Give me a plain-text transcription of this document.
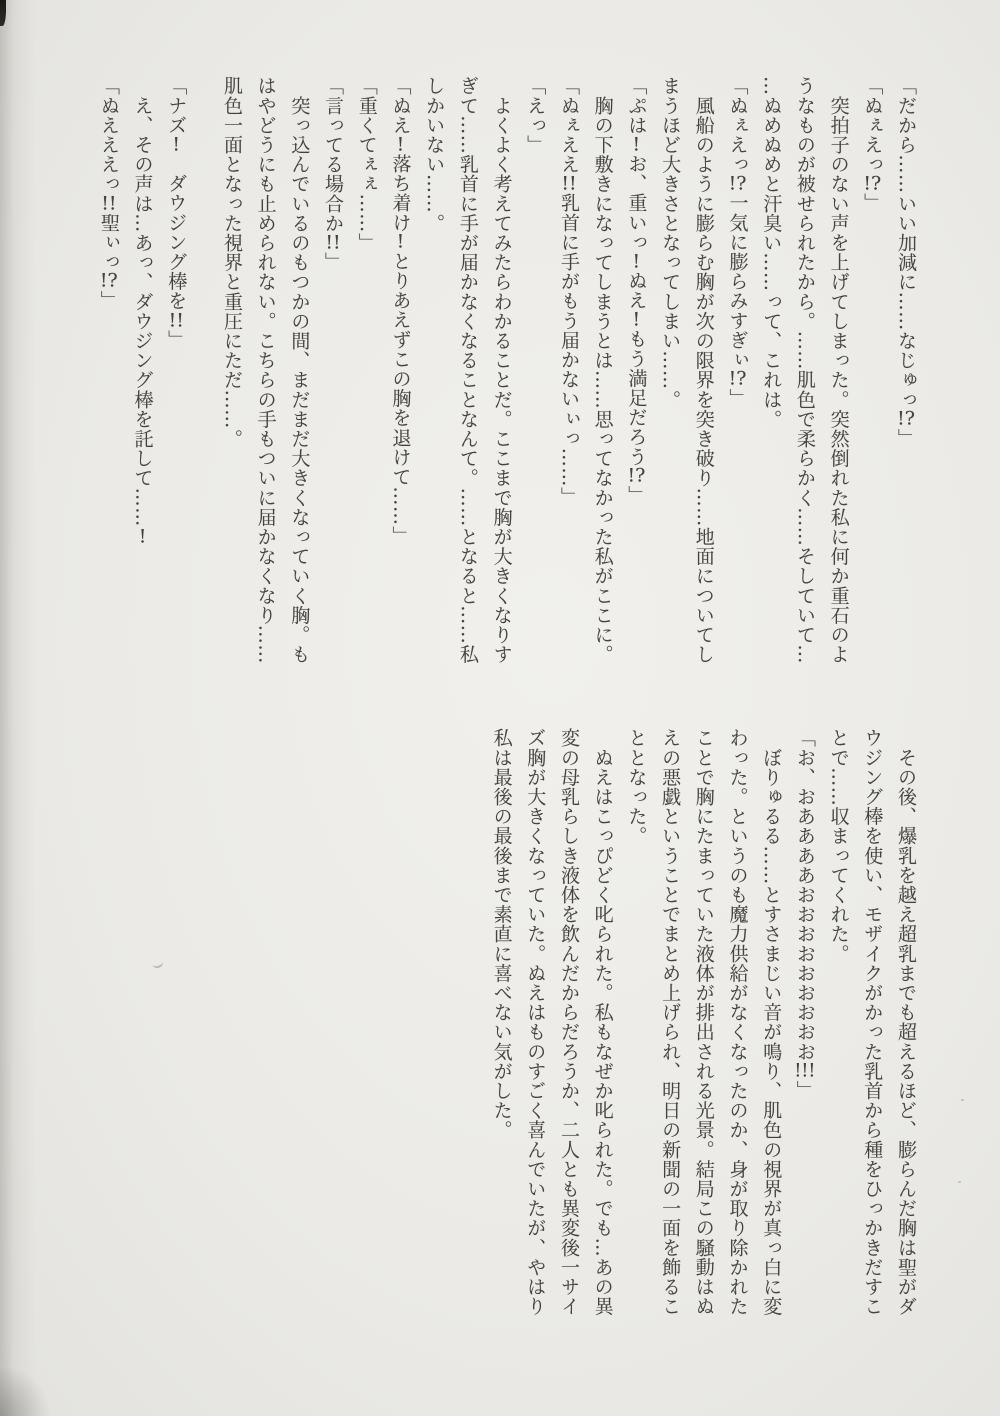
「だから……いい加減に……なじゅっ!?」
「ぬぇえっ!?」
　突拍子のない声を上げてしまった。突然倒れた私に何か重石のよ
うなものが被せられたから。……肌色で柔らかく……そしていて…
…ぬめぬめと汗臭い……って、これは。
「ぬぇえっ!?一気に膨らみすぎぃ!?」
　風船のように膨らむ胸が次の限界を突き破り……地面についてし
まうほど大きさとなってしまい……。
「ぷは!お、重いっ!ぬえ!もう満足だろう!?」
　胸の下敷きになってしまうとは……思ってなかった私がここに。
「ぬぇええ!!乳首に手がもう届かないぃっ……」
「えっ」
　よくよく考えてみたらわかることだ。ここまで胸が大きくなりす
ぎて……乳首に手が届かなくなることなんて。……となると……私
しかいない……。
「ぬえ!落ち着け!とりあえずこの胸を退けて……」
「重くてぇぇ……」
「言ってる場合か!!」
　突っ込んでいるのもつかの間、まだまだ大きくなっていく胸。も
はやどうにも止められない。こちらの手もついに届かなくなり……
肌色一面となった視界と重圧にただ……。
「ナズ!　ダウジング棒を!!」
　え、その声は…あっ、ダウジング棒を託して……!
「ぬえええっ!!聖ぃっ!?」
　その後、爆乳を越え超乳までも超えるほど、膨らんだ胸は聖がダ
ウジング棒を使い、モザイクがかった乳首から種をひっかきだすこ
とで……収まってくれた。
「お、おああああおおおおおおおおお!!!」
　ぼりゅるる……とすさまじい音が鳴り、肌色の視界が真っ白に変
わった。というのも魔力供給がなくなったのか、身が取り除かれた
ことで胸にたまっていた液体が排出される光景。結局この騒動はぬ
えの悪戯ということでまとめ上げられ、明日の新聞の一面を飾るこ
ととなった。
　ぬえはこっぴどく叱られた。私もなぜか叱られた。でも…あの異
変の母乳らしき液体を飲んだからだろうか、二人とも異変後一サイ
ズ胸が大きくなっていた。ぬえはものすごく喜んでいたが、やはり
私は最後の最後まで素直に喜べない気がした。
